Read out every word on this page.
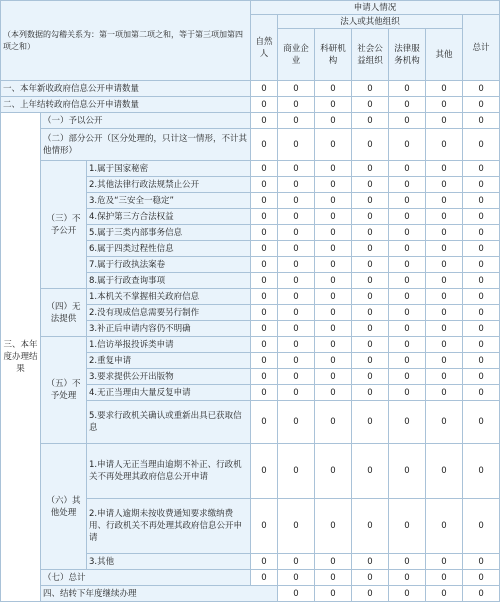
（本列数据的勾稽关系为：第一项加第二项之和，等于第三项加第四项之和）			申请人情况							
			自然人	法人或其他组织					总计	
				商业企业	科研机构	社会公益组织	法律服务机构	其他		
一、本年新收政府信息公开申请数量			0	0	0	0	0	0	0	
二、上年结转政府信息公开申请数量			0	0	0	0	0	0	0	
三、本年度办理结果	（一）予以公开		0	0	0	0	0	0	0	
	（二）部分公开（区分处理的，只计这一情形，不计其他情形）		0	0	0	0	0	0	0	
	（三）不予公开	1.属于国家秘密	0	0	0	0	0	0	0	
		2.其他法律行政法规禁止公开	0	0	0	0	0	0	0	
		3.危及“三安全一稳定”	0	0	0	0	0	0	0	
		4.保护第三方合法权益	0	0	0	0	0	0	0	
		5.属于三类内部事务信息	0	0	0	0	0	0	0	
		6.属于四类过程性信息	0	0	0	0	0	0	0	
		7.属于行政执法案卷	0	0	0	0	0	0	0	
		8.属于行政查询事项	0	0	0	0	0	0	0	
	（四）无法提供	1.本机关不掌握相关政府信息	0	0	0	0	0	0	0	
		2.没有现成信息需要另行制作	0	0	0	0	0	0	0	
		3.补正后申请内容仍不明确	0	0	0	0	0	0	0	
	（五）不予处理	1.信访举报投诉类申请	0	0	0	0	0	0	0	
		2.重复申请	0	0	0	0	0	0	0	
		3.要求提供公开出版物	0	0	0	0	0	0	0	
		4.无正当理由大量反复申请	0	0	0	0	0	0	0	
		5.要求行政机关确认或重新出具已获取信息	0	0	0	0	0	0	0	
	（六）其他处理	1.申请人无正当理由逾期不补正、行政机关不再处理其政府信息公开申请	0	0	0	0	0	0	0	
		2.申请人逾期未按收费通知要求缴纳费用、行政机关不再处理其政府信息公开申请	0	0	0	0	0	0	0	
		3.其他	0	0	0	0	0	0	0	
	（七）总计		0	0	0	0	0	0	0	
	四、结转下年度继续办理			0	0	0	0	0	0		
